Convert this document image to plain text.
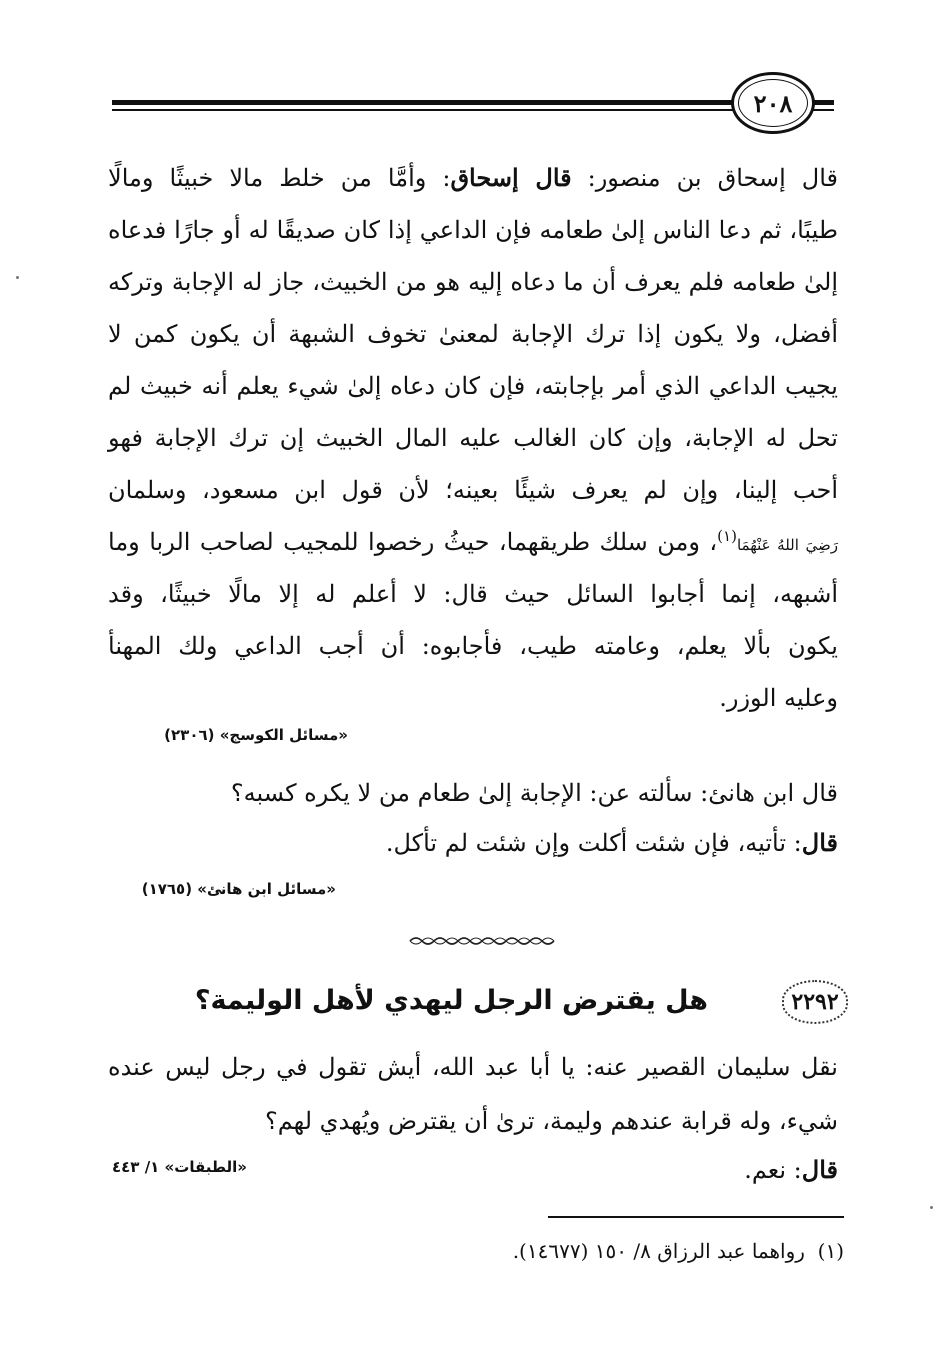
٢٠٨
قال إسحاق بن منصور: قال إسحاق: وأمَّا من خلط مالا خبيثًا ومالًا
طيبًا، ثم دعا الناس إلىٰ طعامه فإن الداعي إذا كان صديقًا له أو جارًا فدعاه
إلىٰ طعامه فلم يعرف أن ما دعاه إليه هو من الخبيث، جاز له الإجابة وتركه
أفضل، ولا يكون إذا ترك الإجابة لمعنىٰ تخوف الشبهة أن يكون كمن لا
يجيب الداعي الذي أمر بإجابته، فإن كان دعاه إلىٰ شيء يعلم أنه خبيث لم
تحل له الإجابة، وإن كان الغالب عليه المال الخبيث إن ترك الإجابة فهو
أحب إلينا، وإن لم يعرف شيئًا بعينه؛ لأن قول ابن مسعود، وسلمان
رَضِيَ اللهُ عَنْهُمَا$^{(١)}$، ومن سلك طريقهما، حيثُ رخصوا للمجيب لصاحب الربا وما
أشبهه، إنما أجابوا السائل حيث قال: لا أعلم له إلا مالًا خبيثًا، وقد
يكون بألا يعلم، وعامته طيب، فأجابوه: أن أجب الداعي ولك المهنأ
وعليه الوزر.
«مسائل الكوسج» (٢٣٠٦)
قال ابن هانئ: سألته عن: الإجابة إلىٰ طعام من لا يكره كسبه؟
قال: تأتيه، فإن شئت أكلت وإن شئت لم تأكل.
«مسائل ابن هانئ» (١٧٦٥)
٢٢٩٢
هل يقترض الرجل ليهدي لأهل الوليمة؟
نقل سليمان القصير عنه: يا أبا عبد الله، أيش تقول في رجل ليس عنده
شيء، وله قرابة عندهم وليمة، ترىٰ أن يقترض ويُهدي لهم؟
قال: نعم.
«الطبقات» ١/ ٤٤٣
(١)  رواهما عبد الرزاق ٨/ ١٥٠ (١٤٦٧٧).
